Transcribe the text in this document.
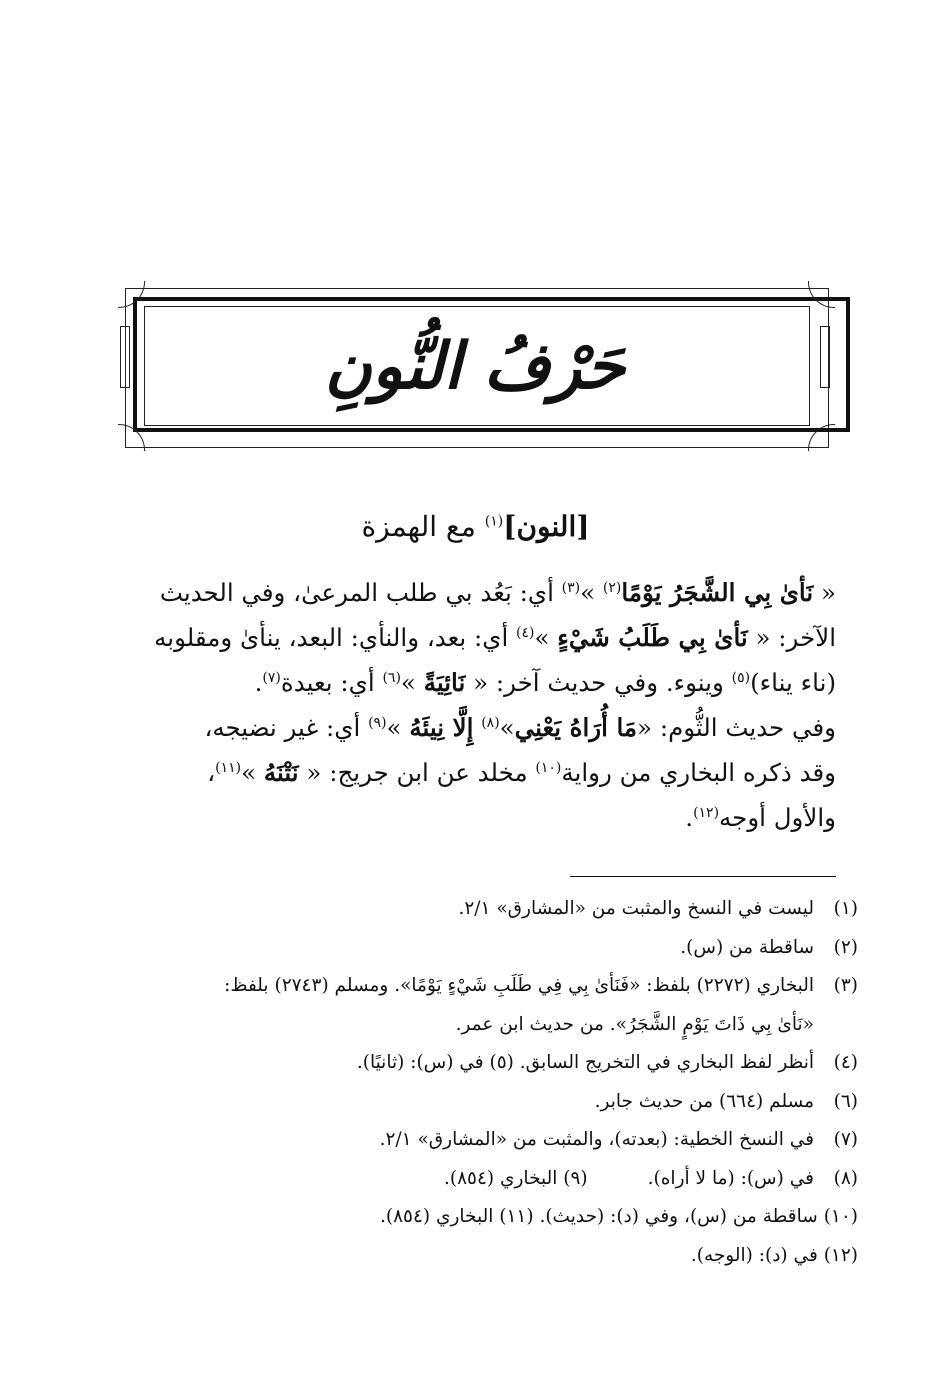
حَرْفُ النُّونِ
[النون]$^{(١)}$ مع الهمزة

« نَأىٰ بِي الشَّجَرُ يَوْمًا$^{(٢)}$ »$^{(٣)}$ أي: بَعُد بي طلب المرعىٰ، وفي الحديث
الآخر: « نَأىٰ بِي طَلَبُ شَيْءٍ »$^{(٤)}$ أي: بعد، والنأي: البعد، ينأىٰ ومقلوبه
(ناء يناء)$^{(٥)}$ وينوء. وفي حديث آخر: « نَائِيَةً »$^{(٦)}$ أي: بعيدة$^{(٧)}$.

وفي حديث الثُّوم: «مَا أُرَاهُ يَعْنِي»$^{(٨)}$ إِلَّا نِيئَهُ »$^{(٩)}$ أي: غير نضيجه،
وقد ذكره البخاري من رواية$^{(١٠)}$ مخلد عن ابن جريج: « نَتْنَهُ »$^{(١١)}$،
والأول أوجه$^{(١٢)}$.

(١)ليست في النسخ والمثبت من «المشارق» ٢/١.
(٢)ساقطة من (س).
(٣)البخاري (٢٢٧٢) بلفظ: «فَنَأىٰ بِي فِي طَلَبِ شَيْءٍ يَوْمًا». ومسلم (٢٧٤٣) بلفظ:
«نَأىٰ بِي ذَاتَ يَوْمٍ الشَّجَرُ». من حديث ابن عمر.
(٤)أنظر لفظ البخاري في التخريج السابق. (٥) في (س): (ثانيًا).
(٦)مسلم (٦٦٤) من حديث جابر.
(٧)في النسخ الخطية: (بعدته)، والمثبت من «المشارق» ٢/١.
(٨)في (س): (ما لا أراه).(٩) البخاري (٨٥٤).
(١٠) ساقطة من (س)، وفي (د): (حديث). (١١) البخاري (٨٥٤).
(١٢) في (د): (الوجه).
